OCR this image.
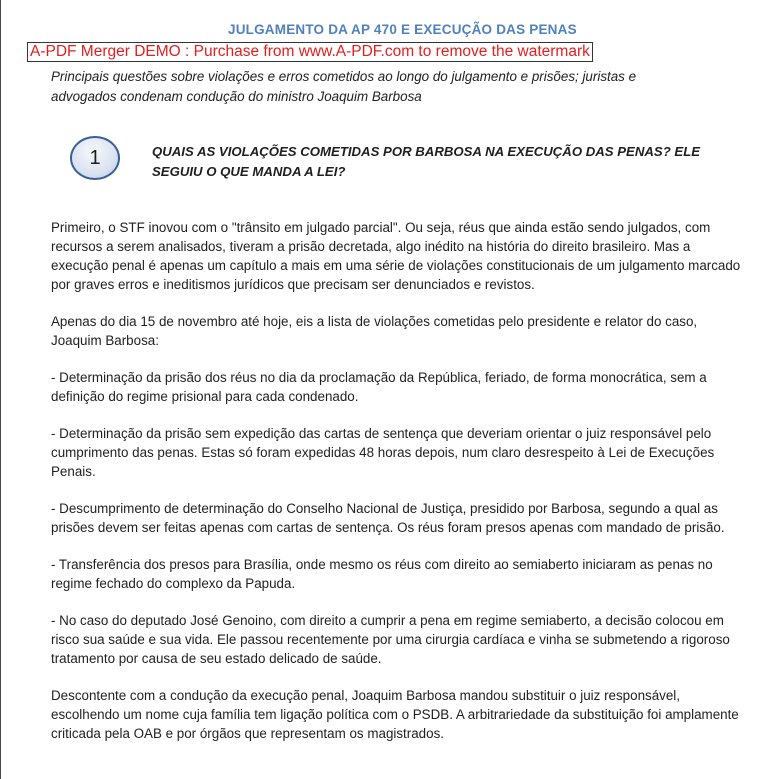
JULGAMENTO DA AP 470 E EXECUÇÃO DAS PENAS
A-PDF Merger DEMO : Purchase from www.A-PDF.com to remove the watermark
Principais questões sobre violações e erros cometidos ao longo do julgamento e prisões; juristas e advogados condenam condução do ministro Joaquim Barbosa
1	QUAIS AS VIOLAÇÕES COMETIDAS POR BARBOSA NA EXECUÇÃO DAS PENAS? ELE SEGUIU O QUE MANDA A LEI?

Primeiro, o STF inovou com o "trânsito em julgado parcial". Ou seja, réus que ainda estão sendo julgados, com recursos a serem analisados, tiveram a prisão decretada, algo inédito na história do direito brasileiro. Mas a execução penal é apenas um capítulo a mais em uma série de violações constitucionais de um julgamento marcado por graves erros e ineditismos jurídicos que precisam ser denunciados e revistos.

Apenas do dia 15 de novembro até hoje, eis a lista de violações cometidas pelo presidente e relator do caso, Joaquim Barbosa:

- Determinação da prisão dos réus no dia da proclamação da República, feriado, de forma monocrática, sem a definição do regime prisional para cada condenado.

- Determinação da prisão sem expedição das cartas de sentença que deveriam orientar o juiz responsável pelo cumprimento das penas. Estas só foram expedidas 48 horas depois, num claro desrespeito à Lei de Execuções Penais.

- Descumprimento de determinação do Conselho Nacional de Justiça, presidido por Barbosa, segundo a qual as prisões devem ser feitas apenas com cartas de sentença. Os réus foram presos apenas com mandado de prisão.

- Transferência dos presos para Brasília, onde mesmo os réus com direito ao semiaberto iniciaram as penas no regime fechado do complexo da Papuda.

- No caso do deputado José Genoino, com direito a cumprir a pena em regime semiaberto, a decisão colocou em risco sua saúde e sua vida. Ele passou recentemente por uma cirurgia cardíaca e vinha se submetendo a rigoroso tratamento por causa de seu estado delicado de saúde.

Descontente com a condução da execução penal, Joaquim Barbosa mandou substituir o juiz responsável, escolhendo um nome cuja família tem ligação política com o PSDB. A arbitrariedade da substituição foi amplamente criticada pela OAB e por órgãos que representam os magistrados.
